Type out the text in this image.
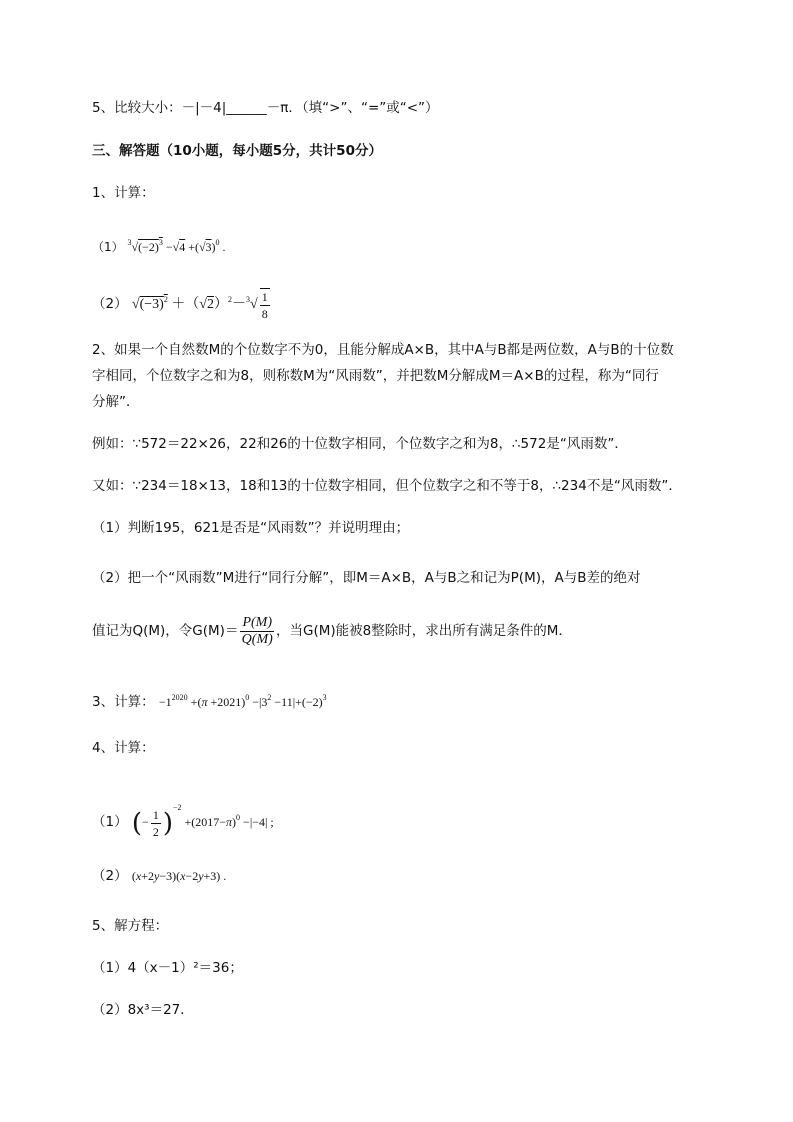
5、比较大小：－|－4|______－π．（填“>”、“=”或“<”）
三、解答题（10小题，每小题5分，共计50分）
1、计算：
（1） $^3√(-2)^3 -√4 +(√3)^0$ .
（2） $√(-3)^2 +(√2)^2-^3√ \frac{1}{8}$
2、如果一个自然数M的个位数字不为0，且能分解成A×B，其中A与B都是两位数，A与B的十位数
字相同，个位数字之和为8，则称数M为“风雨数”，并把数M分解成M＝A×B的过程，称为“同行
分解”．
例如：∵572＝22×26，22和26的十位数字相同，个位数字之和为8，∴572是“风雨数”．
又如：∵234＝18×13，18和13的十位数字相同，但个位数字之和不等于8，∴234不是“风雨数”．
（1）判断195，621是否是“风雨数”？并说明理由；
（2）把一个“风雨数”M进行“同行分解”，即M＝A×B，A与B之和记为P(M)，A与B差的绝对
值记为Q(M)，令$G(M)= \frac{P(M)}{Q(M)}$ ，当G(M)能被8整除时，求出所有满足条件的M．
3、计算： $-1^{2020} +(\pi +2021)^0 -|3^2 -11|+(-2)^3$
4、计算：
（1） (− $\frac{1}{2} )^{-2} +(2017-\pi)^0 -|-4|$ ;
（2） (x+2y−3)(x−2y+3) .
5、解方程：
（1）4（x－1）²＝36；
（2）8x³＝27．
